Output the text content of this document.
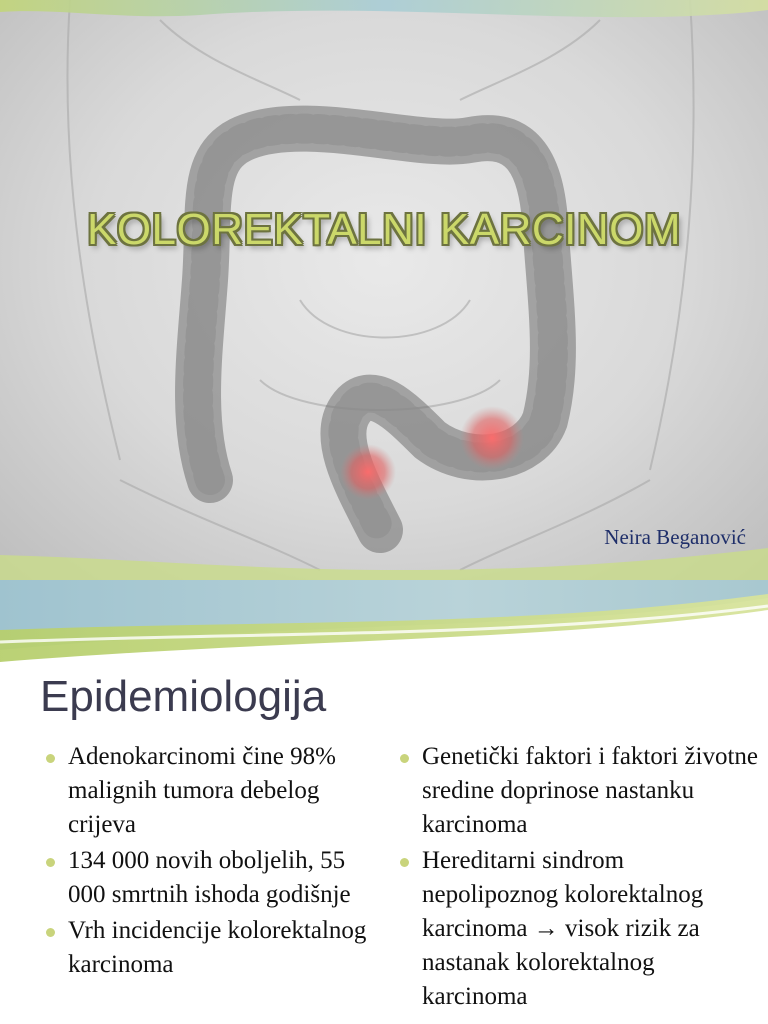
KOLOREKTALNI KARCINOM
Neira Beganović
Epidemiologija
Adenokarcinomi čine 98% malignih tumora debelog crijeva
134 000 novih oboljelih, 55 000 smrtnih ishoda godišnje
Vrh incidencije kolorektalnog karcinoma
Genetički faktori i faktori životne sredine doprinose nastanku karcinoma
Hereditarni sindrom nepolipoznog kolorektalnog karcinoma → visok rizik za nastanak kolorektalnog karcinoma
